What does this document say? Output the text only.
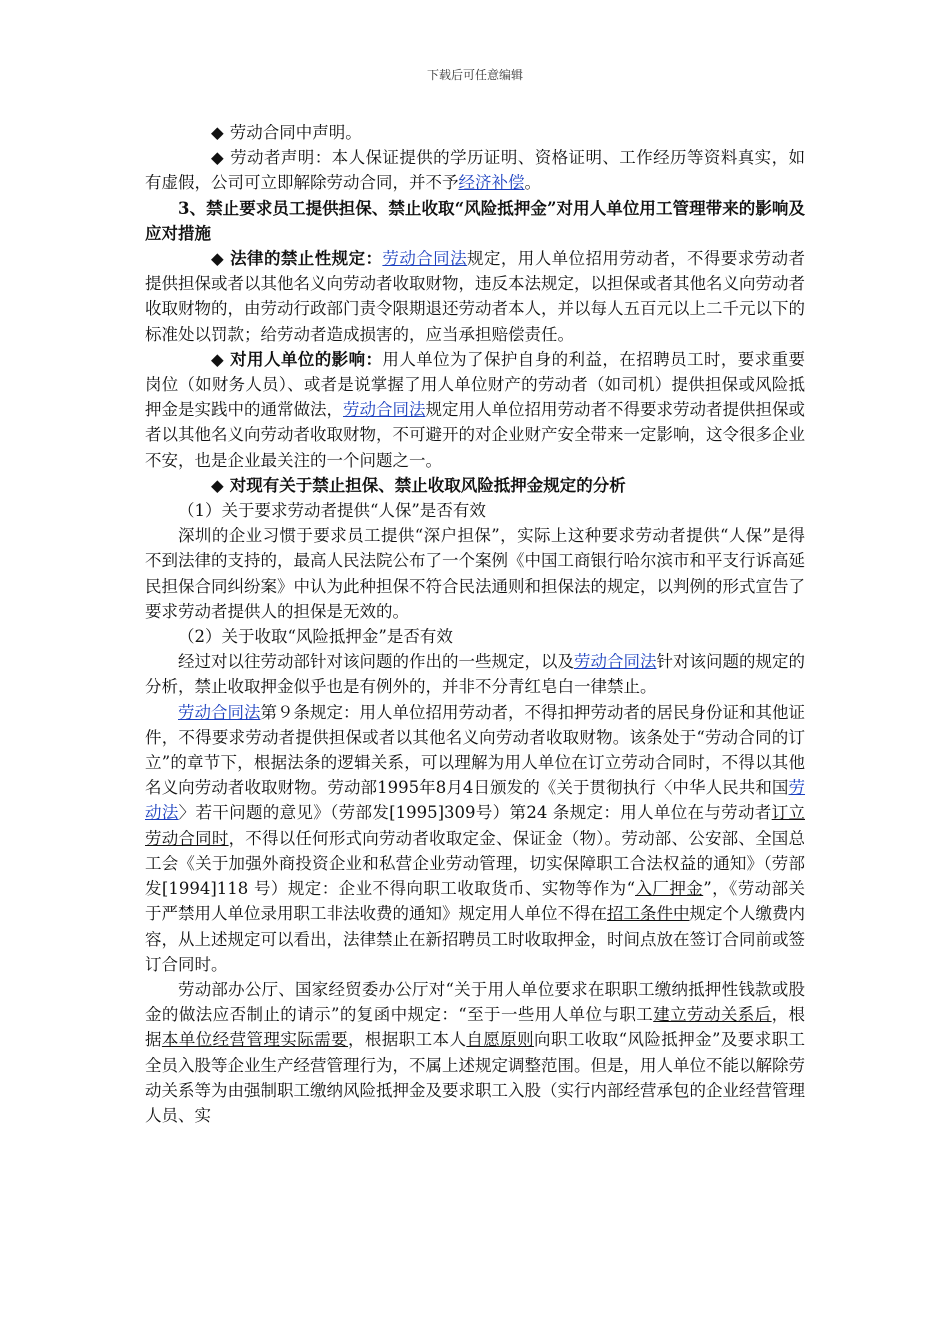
下载后可任意编辑

◆ 劳动合同中声明。

◆ 劳动者声明：本人保证提供的学历证明、资格证明、工作经历等资料真实，如有虚假，公司可立即解除劳动合同，并不予经济补偿。

3、禁止要求员工提供担保、禁止收取“风险抵押金”对用人单位用工管理带来的影响及应对措施

◆ 法律的禁止性规定：劳动合同法规定，用人单位招用劳动者，不得要求劳动者提供担保或者以其他名义向劳动者收取财物，违反本法规定，以担保或者其他名义向劳动者收取财物的，由劳动行政部门责令限期退还劳动者本人，并以每人五百元以上二千元以下的标准处以罚款；给劳动者造成损害的，应当承担赔偿责任。

◆ 对用人单位的影响：用人单位为了保护自身的利益，在招聘员工时，要求重要岗位（如财务人员）、或者是说掌握了用人单位财产的劳动者（如司机）提供担保或风险抵押金是实践中的通常做法，劳动合同法规定用人单位招用劳动者不得要求劳动者提供担保或者以其他名义向劳动者收取财物，不可避开的对企业财产安全带来一定影响，这令很多企业不安，也是企业最关注的一个问题之一。

◆ 对现有关于禁止担保、禁止收取风险抵押金规定的分析

（1）关于要求劳动者提供“人保”是否有效

深圳的企业习惯于要求员工提供“深户担保”，实际上这种要求劳动者提供“人保”是得不到法律的支持的，最高人民法院公布了一个案例《中国工商银行哈尔滨市和平支行诉高延民担保合同纠纷案》中认为此种担保不符合民法通则和担保法的规定，以判例的形式宣告了要求劳动者提供人的担保是无效的。

（2）关于收取“风险抵押金”是否有效

经过对以往劳动部针对该问题的作出的一些规定，以及劳动合同法针对该问题的规定的分析，禁止收取押金似乎也是有例外的，并非不分青红皂白一律禁止。

劳动合同法第９条规定：用人单位招用劳动者，不得扣押劳动者的居民身份证和其他证件，不得要求劳动者提供担保或者以其他名义向劳动者收取财物。该条处于“劳动合同的订立”的章节下，根据法条的逻辑关系，可以理解为用人单位在订立劳动合同时，不得以其他名义向劳动者收取财物。劳动部1995年8月4日颁发的《关于贯彻执行〈中华人民共和国劳动法〉若干问题的意见》（劳部发[1995]309号）第24 条规定：用人单位在与劳动者订立劳动合同时，不得以任何形式向劳动者收取定金、保证金（物）。劳动部、公安部、全国总工会《关于加强外商投资企业和私营企业劳动管理，切实保障职工合法权益的通知》（劳部发[1994]118 号）规定：企业不得向职工收取货币、实物等作为“入厂押金”，《劳动部关于严禁用人单位录用职工非法收费的通知》规定用人单位不得在招工条件中规定个人缴费内容，从上述规定可以看出，法律禁止在新招聘员工时收取押金，时间点放在签订合同前或签订合同时。

劳动部办公厅、国家经贸委办公厅对“关于用人单位要求在职职工缴纳抵押性钱款或股金的做法应否制止的请示”的复函中规定：“至于一些用人单位与职工建立劳动关系后，根据本单位经营管理实际需要，根据职工本人自愿原则向职工收取“风险抵押金”及要求职工全员入股等企业生产经营管理行为，不属上述规定调整范围。但是，用人单位不能以解除劳动关系等为由强制职工缴纳风险抵押金及要求职工入股（实行内部经营承包的企业经营管理人员、实
